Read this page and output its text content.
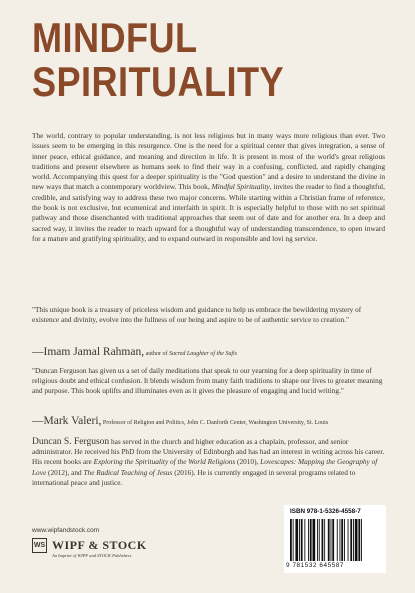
MINDFUL
SPIRITUALITY

The world, contrary to popular understanding, is not less religious but in many ways more religious than ever. Two issues seem to be emerging in this resurgence. One is the need for a spiritual center that gives integration, a sense of inner peace, ethical guidance, and meaning and direction in life. It is present in most of the world's great religious traditions and present elsewhere as humans seek to find their way in a confusing, conflicted, and rapidly changing world. Accompanying this quest for a deeper spirituality is the "God question" and a desire to understand the divine in new ways that match a contemporary worldview. This book, Mindful Spirituality, invites the reader to find a thoughtful, credible, and satisfying way to address these two major concerns. While starting within a Christian frame of reference, the book is not exclusive, but ecumenical and interfaith in spirit. It is especially helpful to those with no set spiritual pathway and those disenchanted with traditional approaches that seem out of date and for another era. In a deep and sacred way, it invites the reader to reach upward for a thoughtful way of understanding transcendence, to open inward for a mature and gratifying spirituality, and to expand outward in responsible and lovi ng service.

"This unique book is a treasury of priceless wisdom and guidance to help us embrace the bewildering mystery of existence and divinity, evolve into the fullness of our being and aspire to be of authentic service to creation."

—Imam Jamal Rahman, author of Sacred Laughter of the Sufis

"Duncan Ferguson has given us a set of daily meditations that speak to our yearning for a deep spirituality in time of religious doubt and ethical confusion. It blends wisdom from many faith traditions to shape our lives to greater meaning and purpose. This book uplifts and illuminates even as it gives the pleasure of engaging and lucid writing."

—Mark Valeri, Professor of Religion and Politics, John C. Danforth Center, Washington University, St. Louis

Duncan S. Ferguson has served in the church and higher education as a chaplain, professor, and senior administrator. He received his PhD from the University of Edinburgh and has had an interest in writing across his career. His recent books are Exploring the Spirituality of the World Religions (2010), Lovescapes: Mapping the Geography of Love (2012), and The Radical Teaching of Jesus (2016). He is currently engaged in several programs related to international peace and justice.

www.wipfandstock.com
WS WIPF & STOCK
An Imprint of WIPF and STOCK Publishers
ISBN 978-1-5326-4558-7
9 781532 645587
